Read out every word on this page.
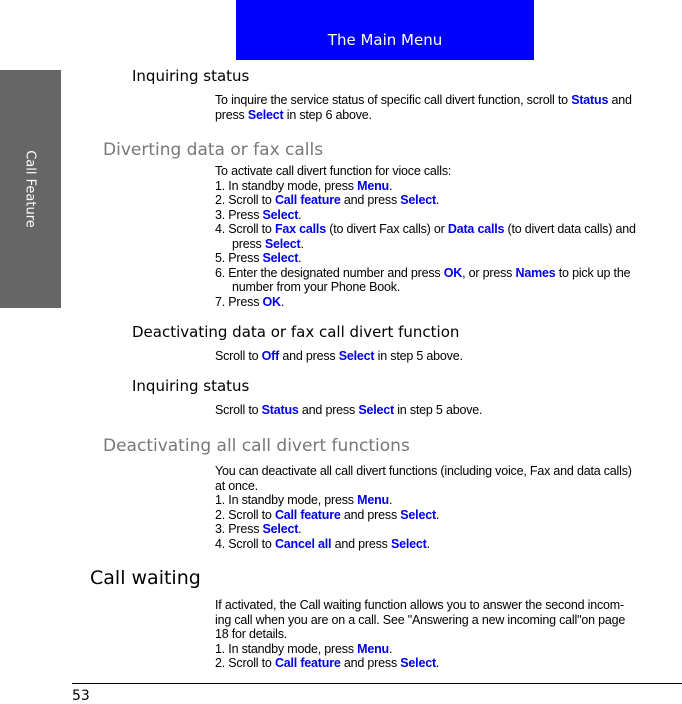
The Main Menu
Call Feature
Inquiring status
To inquire the service status of specific call divert function, scroll to Status and
press Select in step 6 above.
Diverting data or fax calls
To activate call divert function for vioce calls:
1. In standby mode, press Menu.
2. Scroll to Call feature and press Select.
3. Press Select.
4. Scroll to Fax calls (to divert Fax calls) or Data calls (to divert data calls) and
press Select.
5. Press Select.
6. Enter the designated number and press OK, or press Names to pick up the
number from your Phone Book.
7. Press OK.
Deactivating data or fax call divert function
Scroll to Off and press Select in step 5 above.
Inquiring status
Scroll to Status and press Select in step 5 above.
Deactivating all call divert functions
You can deactivate all call divert functions (including voice, Fax and data calls)
at once.
1. In standby mode, press Menu.
2. Scroll to Call feature and press Select.
3. Press Select.
4. Scroll to Cancel all and press Select.
Call waiting
If activated, the Call waiting function allows you to answer the second incom-
ing call when you are on a call. See "Answering a new incoming call"on page
18 for details.
1. In standby mode, press Menu.
2. Scroll to Call feature and press Select.
53
